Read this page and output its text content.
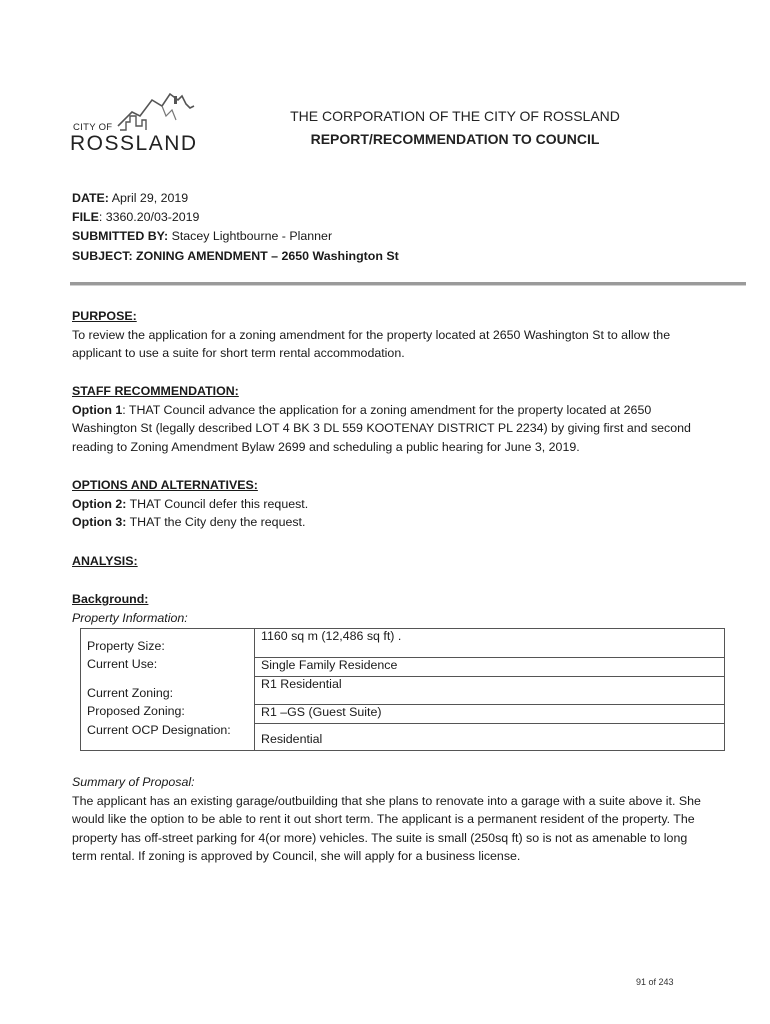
CITY OF
ROSSLAND
THE CORPORATION OF THE CITY OF ROSSLAND
REPORT/RECOMMENDATION TO COUNCIL
DATE: April 29, 2019
FILE: 3360.20/03-2019
SUBMITTED BY: Stacey Lightbourne - Planner
SUBJECT: ZONING AMENDMENT – 2650 Washington St
PURPOSE:
To review the application for a zoning amendment for the property located at 2650 Washington St to allow the applicant to use a suite for short term rental accommodation.
STAFF RECOMMENDATION:
Option 1: THAT Council advance the application for a zoning amendment for the property located at 2650 Washington St (legally described LOT 4 BK 3 DL 559 KOOTENAY DISTRICT PL 2234) by giving first and second reading to Zoning Amendment Bylaw 2699 and scheduling a public hearing for June 3, 2019.
OPTIONS AND ALTERNATIVES:
Option 2: THAT Council defer this request.
Option 3: THAT the City deny the request.
ANALYSIS:
Background:
Property Information:
Property Size:	1160 sq m (12,486 sq ft) .
Current Use:	Single Family Residence
Current Zoning:	R1 Residential
Proposed Zoning:	R1 –GS (Guest Suite)
Current OCP Designation:	Residential
Summary of Proposal:
The applicant has an existing garage/outbuilding that she plans to renovate into a garage with a suite above it. She would like the option to be able to rent it out short term. The applicant is a permanent resident of the property. The property has off-street parking for 4(or more) vehicles. The suite is small (250sq ft) so is not as amenable to long term rental. If zoning is approved by Council, she will apply for a business license.
91 of 243
